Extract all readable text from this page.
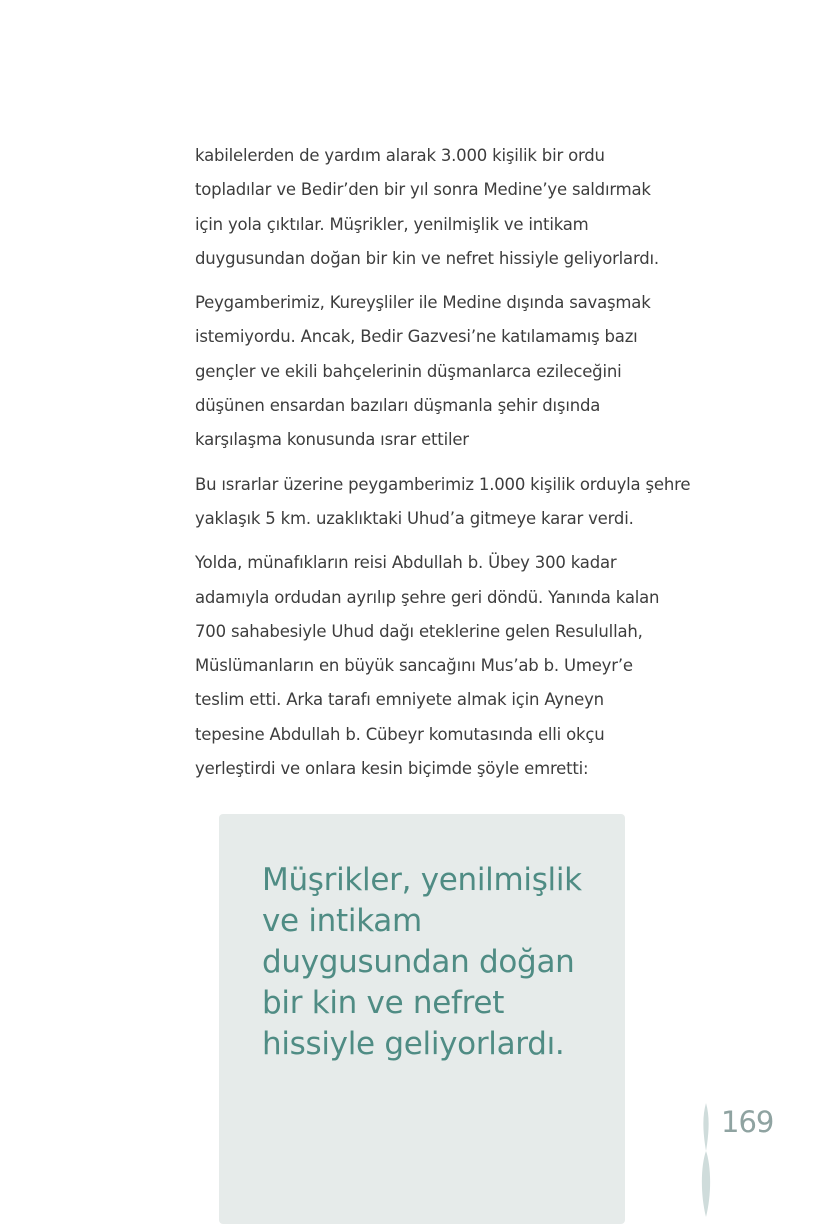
kabilelerden de yardım alarak 3.000 kişilik bir ordu
topladılar ve Bedir’den bir yıl sonra Medine’ye saldırmak
için yola çıktılar. Müşrikler, yenilmişlik ve intikam
duygusundan doğan bir kin ve nefret hissiyle geliyorlardı.
Peygamberimiz, Kureyşliler ile Medine dışında savaşmak
istemiyordu. Ancak, Bedir Gazvesi’ne katılamamış bazı
gençler ve ekili bahçelerinin düşmanlarca ezileceğini
düşünen ensardan bazıları düşmanla şehir dışında
karşılaşma konusunda ısrar ettiler
Bu ısrarlar üzerine peygamberimiz 1.000 kişilik orduyla şehre
yaklaşık 5 km. uzaklıktaki Uhud’a gitmeye karar verdi.
Yolda, münafıkların reisi Abdullah b. Übey 300 kadar
adamıyla ordudan ayrılıp şehre geri döndü. Yanında kalan
700 sahabesiyle Uhud dağı eteklerine gelen Resulullah,
Müslümanların en büyük sancağını Mus’ab b. Umeyr’e
teslim etti. Arka tarafı emniyete almak için Ayneyn
tepesine Abdullah b. Cübeyr komutasında elli okçu
yerleştirdi ve onlara kesin biçimde şöyle emretti:
Müşrikler, yenilmişlik
ve intikam
duygusundan doğan
bir kin ve nefret
hissiyle geliyorlardı.
169
